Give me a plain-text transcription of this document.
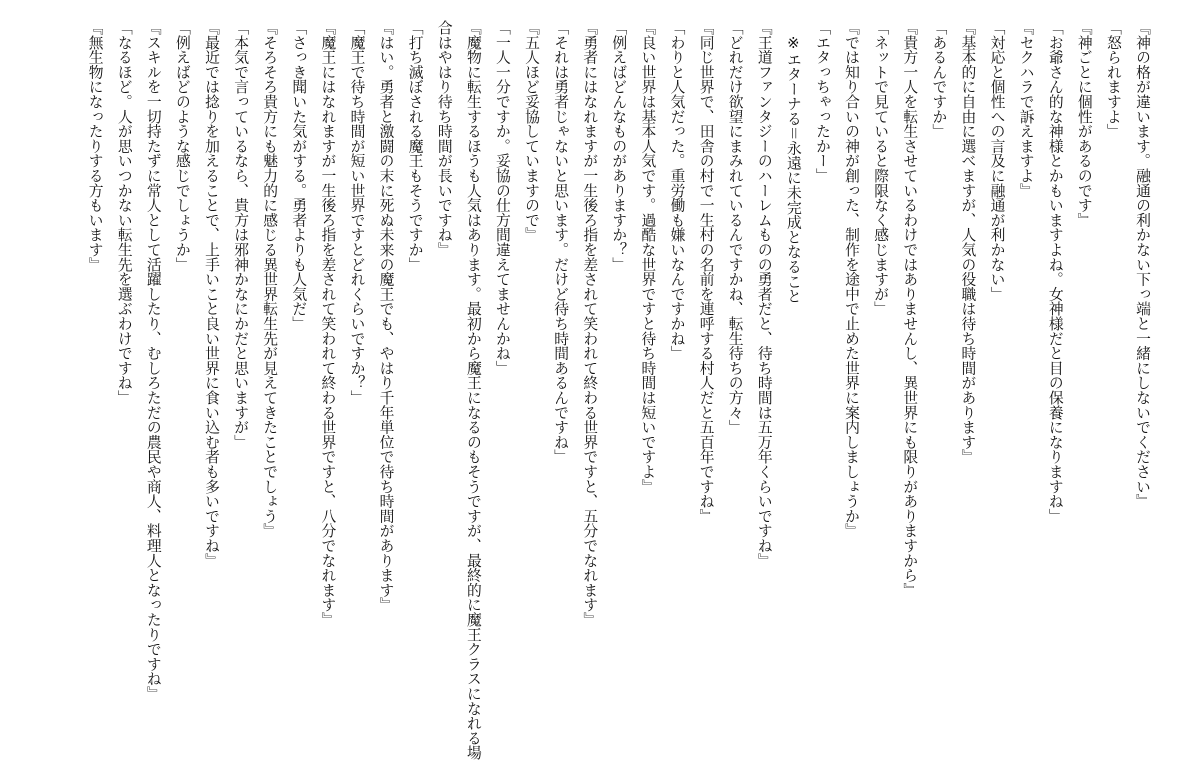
『神の格が違います。融通の利かない下っ端と一緒にしないでください』

「怒られますよ」

『神ごとに個性があるのです』

「お爺さん的な神様とかもいますよね。女神様だと目の保養になりますね」

『セクハラで訴えますよ』

「対応と個性への言及に融通が利かない」

『基本的に自由に選べますが、人気の役職は待ち時間があります』

「あるんですか」

『貴方一人を転生させているわけではありませんし、異世界にも限りがありますから』

「ネットで見ていると際限なく感じますが」

『では知り合いの神が創った、制作を途中で止めた世界に案内しましょうか』

「エタっちゃったかー」

　※エターナる＝永遠に未完成となること

『王道ファンタジーのハーレムものの勇者だと、待ち時間は五万年くらいですね』

「どれだけ欲望にまみれているんですかね、転生待ちの方々」

『同じ世界で、田舎の村で一生村の名前を連呼する村人だと五百年ですね』

「わりと人気だった。重労働も嫌いなんですかね」

『良い世界は基本人気です。過酷な世界ですと待ち時間は短いですよ』

「例えばどんなものがありますか？」

『勇者にはなれますが一生後ろ指を差されて笑われて終わる世界ですと、五分でなれます』

「それは勇者じゃないと思います。だけど待ち時間あるんですね」

『五人ほど妥協していますので』

「一人一分ですか。妥協の仕方間違えてませんかね」

『魔物に転生するほうも人気はあります。最初から魔王になるのもそうですが、最終的に魔王クラスになれる場合はやはり待ち時間が長いですね』

「打ち滅ぼされる魔王もそうですか」

『はい。勇者と激闘の末に死ぬ未来の魔王でも、やはり千年単位で待ち時間があります』

「魔王で待ち時間が短い世界ですとどれくらいですか？」

『魔王にはなれますが一生後ろ指を差されて笑われて終わる世界ですと、八分でなれます』

「さっき聞いた気がする。勇者よりも人気だ」

『そろそろ貴方にも魅力的に感じる異世界転生先が見えてきたことでしょう』

「本気で言っているなら、貴方は邪神かなにかだと思いますが」

『最近では捻りを加えることで、上手いこと良い世界に食い込む者も多いですね』

「例えばどのような感じでしょうか」

『スキルを一切持たずに常人として活躍したり、むしろただの農民や商人、料理人となったりですね』

「なるほど。人が思いつかない転生先を選ぶわけですね」

『無生物になったりする方もいます』
